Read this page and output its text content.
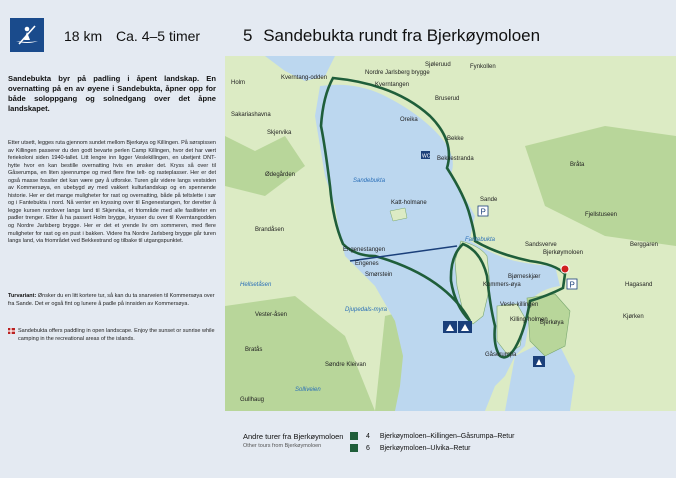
18 km Ca. 4–5 timer	5 Sandebukta rundt fra Bjerkøymoloen
Sandebukta byr på padling i åpent landskap. En overnatting på en av øyene i Sandebukta, åpner opp for både soloppgang og solnedgang over det åpne landskapet.
Etter utsett, legges ruta gjennom sundet mellom Bjerkøya og Killingen. På sørspissen av Killingen passerer du den godt bevarte perlen Camp Killingen, hvor det har vært feriekoloni siden 1940-tallet. Litt lengre inn ligger Veslekillingen, en ubetjent DNT-hytte hvor en kan bestille overnatting hvis en ønsker det. Kryss så over til Gåserumpa, en liten sjeenrumpe og med flere fine telt- og rasteplasser. Her er det også masse fossiler det kan være gøy å utforske. Turen går videre langs vestsiden av Kommersøya, en ubebygd øy med vakkert kulturlandskap og en spennende historie. Her er det mange muligheter for rast og overnatting, både på teltslette i sør og i Fantebukta i nord. Nå venter en kryssing over til Engenestangen, for deretter å legge kursen nordover langs land til Skjervika, et friområde med alle fasiliteter en padler trenger. Etter å ha passert Holm brygge, krysser du over til Kverntangodden og Nordre Jarlsberg brygge. Her er det et yrende liv om sommeren, med flere muligheter for rast og en pust i bakken. Videre fra Nordre Jarlsberg brygge går turen langs land, via friområdet ved Bekkestrand og tilbake til utgangspunktet.
Turvariant: Ønsker du en litt kortere tur, så kan du ta snarveien til Kommersøya over fra Sande. Det er også fint og lunere å padle på innsiden av Kommersøya.
Sandebukta offers paddling in open landscape. Enjoy the sunset or sunrise while camping in the recreational areas of the islands.
P
P
WC
Holm
Kverntang-odden
Nordre Jarlsberg brygge
Kverntangen
Sjøleruud	Fynkollen
Bruserud
Oreika
Bekke
Bekkestranda
Sandebukta
Skjervika
Sakariashavna
Ødegården
Katt-holmane
Brandåsen
Engenestangen
Engenes
Smørstein
Fantebukta
Kommers-øya
Bjørneskjær
Vesle-killingen
Killing-holmen
Bjerkøya
Gåserumpa
Sande
Sandsverve
Bråta
Fjellstuseen
Bjerkøymoloen
Hagasand
Kjørken
Vester-åsen
Bratås
Søndre Kleivan
Gullhaug
Solliveien
Djupedals-myra
Hellsetåsen
Berggaren
Andre turer fra Bjerkøymoloen
Other tours from Bjerkøymoloen
4 Bjerkøymoloen–Killingen–Gåsrumpa–Retur
6 Bjerkøymoloen–Ulvika–Retur
